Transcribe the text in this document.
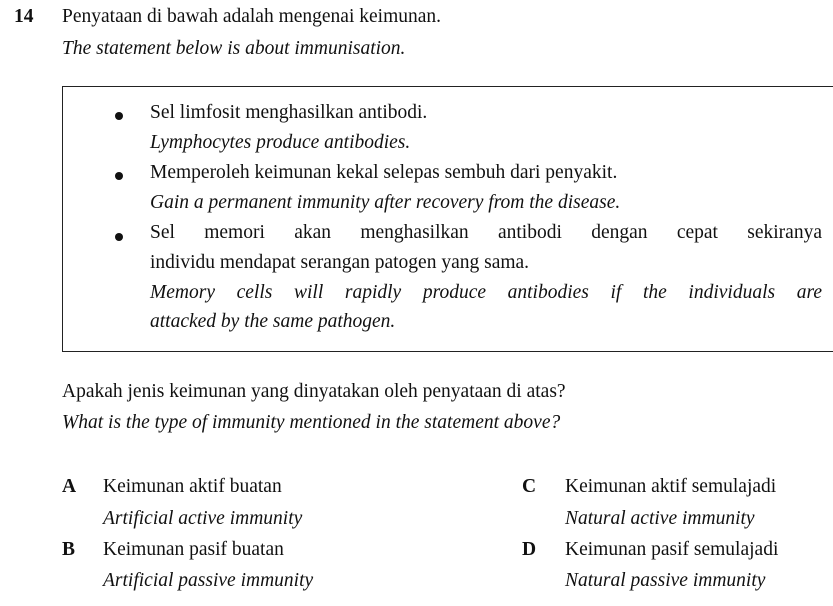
14 Penyataan di bawah adalah mengenai keimunan.
The statement below is about immunisation.
Sel limfosit menghasilkan antibodi.
Lymphocytes produce antibodies.
Memperoleh keimunan kekal selepas sembuh dari penyakit.
Gain a permanent immunity after recovery from the disease.
Sel memori akan menghasilkan antibodi dengan cepat sekiranya
individu mendapat serangan patogen yang sama.
Memory cells will rapidly produce antibodies if the individuals are
attacked by the same pathogen.
Apakah jenis keimunan yang dinyatakan oleh penyataan di atas?
What is the type of immunity mentioned in the statement above?
A Keimunan aktif buatan
Artificial active immunity
B Keimunan pasif buatan
Artificial passive immunity
C Keimunan aktif semulajadi
Natural active immunity
D Keimunan pasif semulajadi
Natural passive immunity
